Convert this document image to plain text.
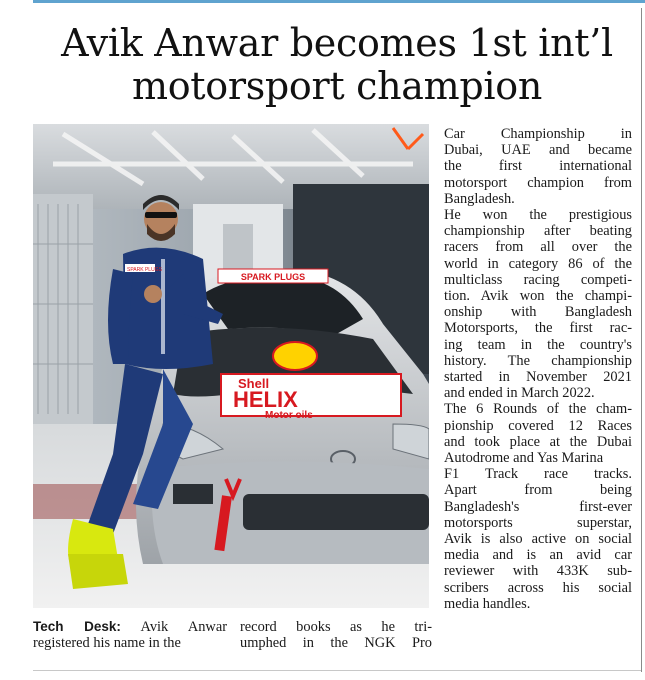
Avik Anwar becomes 1st int’l
motorsport champion
SPARK PLUGS
Shell
HELIX
Motor oils
SPARK PLUGS
Car Championship in
Dubai, UAE and became
the first international
motorsport champion from
Bangladesh.
He won the prestigious
championship after beating
racers from all over the
world in category 86 of the
multiclass racing competi-
tion. Avik won the champi-
onship with Bangladesh
Motorsports, the first rac-
ing team in the country's
history. The championship
started in November 2021
and ended in March 2022.
The 6 Rounds of the cham-
pionship covered 12 Races
and took place at the Dubai
Autodrome and Yas Marina
F1 Track race tracks.
Apart from being
Bangladesh's first-ever
motorsports superstar,
Avik is also active on social
media and is an avid car
reviewer with 433K sub-
scribers across his social
media handles.
Tech Desk: Avik Anwar
registered his name in the
record books as he tri-
umphed in the NGK Pro
